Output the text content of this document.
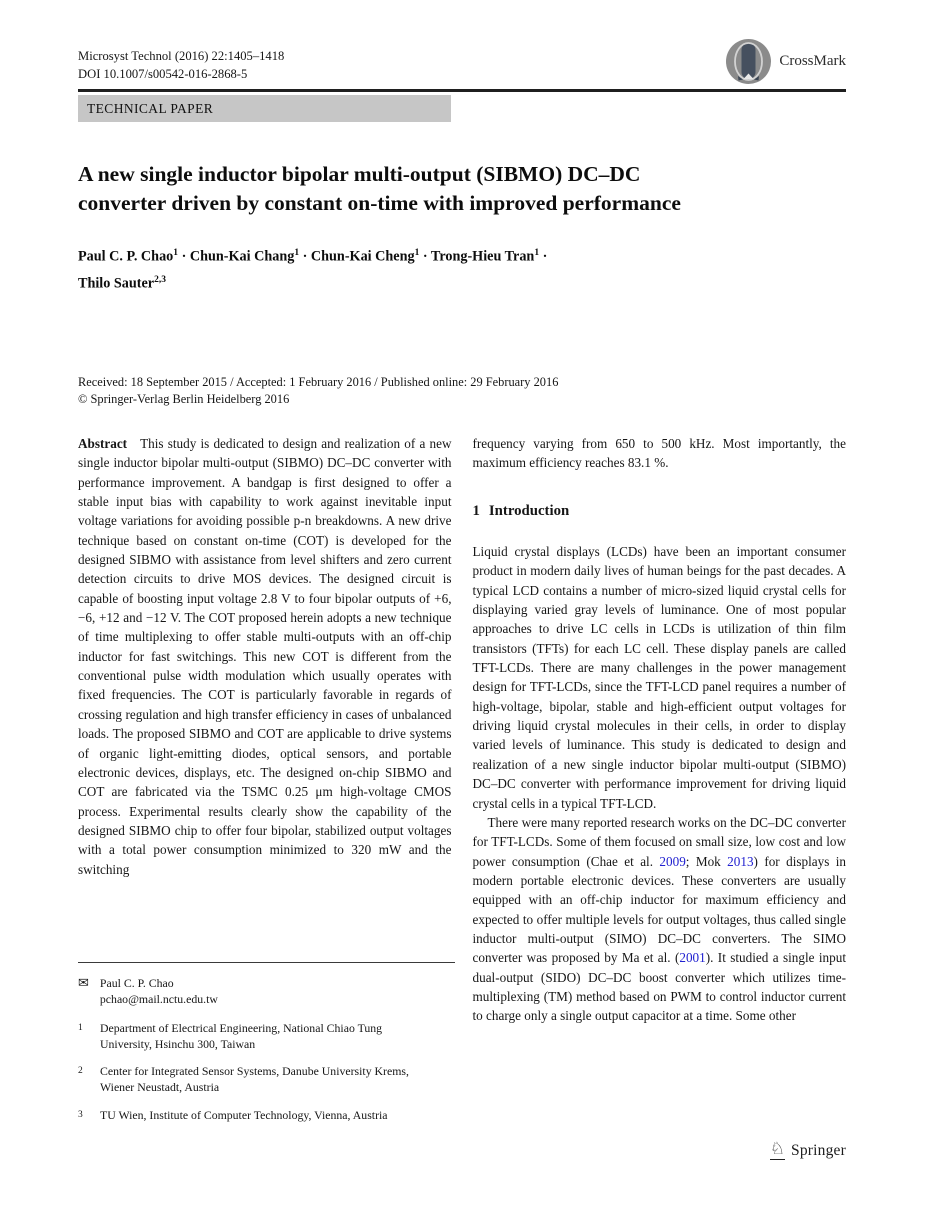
Microsyst Technol (2016) 22:1405–1418
DOI 10.1007/s00542-016-2868-5
CrossMark
TECHNICAL PAPER
A new single inductor bipolar multi-output (SIBMO) DC–DC
converter driven by constant on-time with improved performance
Paul C. P. Chao$^1$ · Chun-Kai Chang$^1$ · Chun-Kai Cheng$^1$ · Trong-Hieu Tran$^1$ ·
Thilo Sauter$^{2,3}$
Received: 18 September 2015 / Accepted: 1 February 2016 / Published online: 29 February 2016
© Springer-Verlag Berlin Heidelberg 2016

Abstract This study is dedicated to design and realization of a new single inductor bipolar multi-output (SIBMO) DC–DC converter with performance improvement. A bandgap is first designed to offer a stable input bias with capability to work against inevitable input voltage variations for avoiding possible p-n breakdowns. A new drive technique based on constant on-time (COT) is developed for the designed SIBMO with assistance from level shifters and zero current detection circuits to drive MOS devices. The designed circuit is capable of boosting input voltage 2.8 V to four bipolar outputs of +6, −6, +12 and −12 V. The COT proposed herein adopts a new technique of time multiplexing to offer stable multi-outputs with an off-chip inductor for fast switchings. This new COT is different from the conventional pulse width modulation which usually operates with fixed frequencies. The COT is particularly favorable in regards of crossing regulation and high transfer efficiency in cases of unbalanced loads. The proposed SIBMO and COT are applicable to drive systems of organic light-emitting diodes, optical sensors, and portable electronic devices, displays, etc. The designed on-chip SIBMO and COT are fabricated via the TSMC 0.25 μm high-voltage CMOS process. Experimental results clearly show the capability of the designed SIBMO chip to offer four bipolar, stabilized output voltages with a total power consumption minimized to 320 mW and the switching

frequency varying from 650 to 500 kHz. Most importantly, the maximum efficiency reaches 83.1 %.

1 Introduction

Liquid crystal displays (LCDs) have been an important consumer product in modern daily lives of human beings for the past decades. A typical LCD contains a number of micro-sized liquid crystal cells for displaying varied gray levels of luminance. One of most popular approaches to drive LC cells in LCDs is utilization of thin film transistors (TFTs) for each LC cell. These display panels are called TFT-LCDs. There are many challenges in the power management design for TFT-LCDs, since the TFT-LCD panel requires a number of high-voltage, bipolar, stable and high-efficient output voltages for driving liquid crystal molecules in their cells, in order to display varied levels of luminance. This study is dedicated to design and realization of a new single inductor bipolar multi-output (SIBMO) DC–DC converter with performance improvement for driving liquid crystal cells in a typical TFT-LCD.

There were many reported research works on the DC–DC converter for TFT-LCDs. Some of them focused on small size, low cost and low power consumption (Chae et al. 2009; Mok 2013) for displays in modern portable electronic devices. These converters are usually equipped with an off-chip inductor for maximum efficiency and expected to offer multiple levels for output voltages, thus called single inductor multi-output (SIMO) DC–DC converters. The SIMO converter was proposed by Ma et al. (2001). It studied a single input dual-output (SIDO) DC–DC boost converter which utilizes time-multiplexing (TM) method based on PWM to control inductor current to charge only a single output capacitor at a time. Some other

✉ Paul C. P. Chao
pchao@mail.nctu.edu.tw
1	Department of Electrical Engineering, National Chiao Tung University, Hsinchu 300, Taiwan
2	Center for Integrated Sensor Systems, Danube University Krems, Wiener Neustadt, Austria
3	TU Wien, Institute of Computer Technology, Vienna, Austria
♘ Springer
